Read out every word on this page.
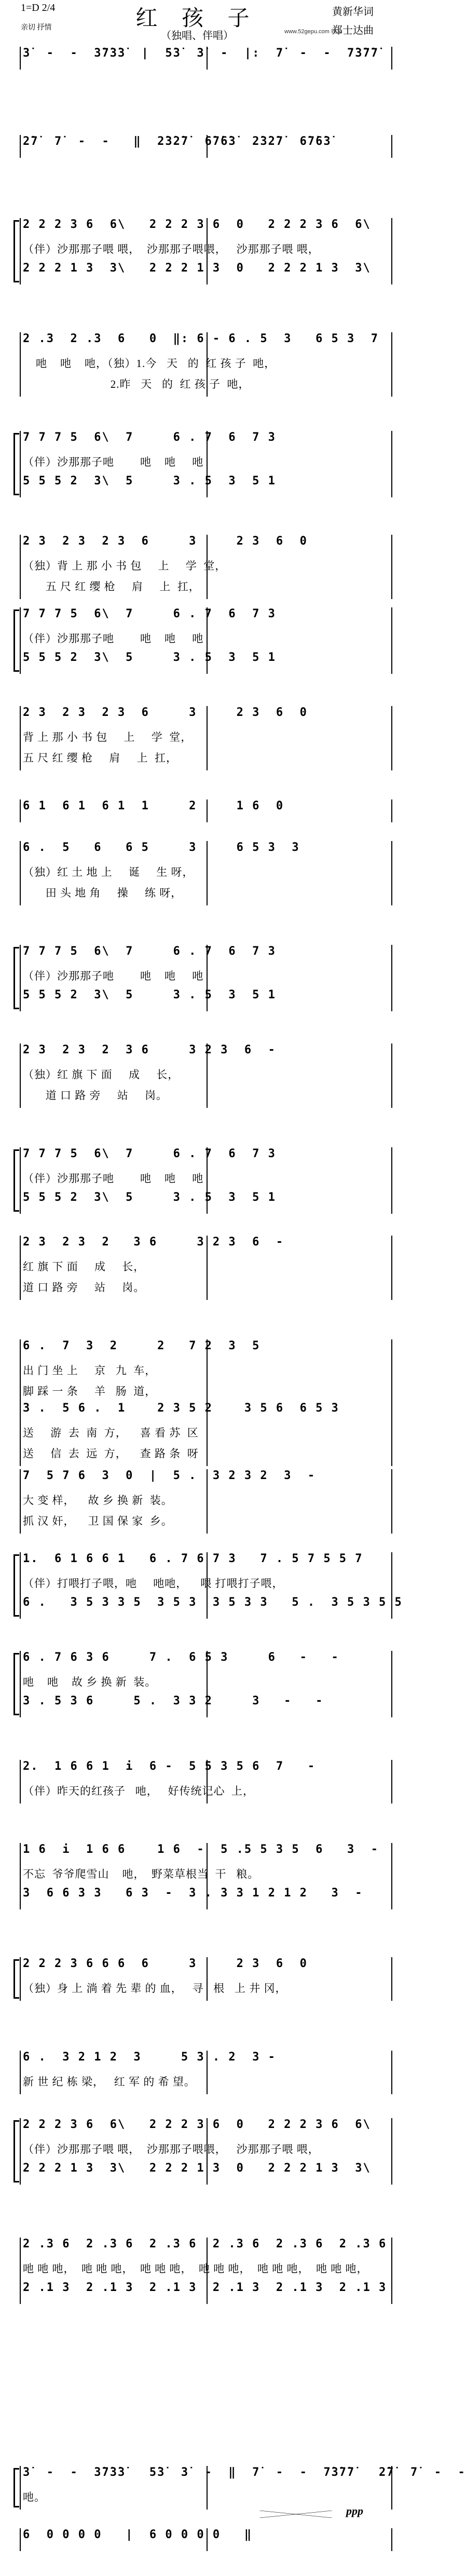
红 孩 子
1=D 2/4
亲切 抒情
（独唱、伴唱）
黄新华词
郑士达曲
www.52gepu.com 收录
3̇  -  -  3̇7̇3̇3̇  |  5̇3̇  3̇  -  |:  7̇  -  -  7̇3̇7̇7̇
2̇7̇  7̇  -  -   ‖  2̇3̇2̇7̇  6̇7̇6̇3̇  2̇3̇2̇7̇  6̇7̇6̇3̇
2 2 2 3 6  6\   2 2 2 3 6  0   2 2 2 3 6  6\
（伴）沙那那子喂 喂，  沙那那子喂喂，   沙那那子喂 喂，
2 2 2 1 3  3\   2 2 2 1 3  0   2 2 2 1 3  3\
2 .3  2 .3  6   0  ‖: 6 - 6 . 5  3   6 5 3  7
吔    吔    吔，（独）1.今   天   的  红 孩 子  吔，
2.昨   天   的  红 孩 子  吔，
7 7 7 5  6\  7     6 . 7  6  7 3
（伴）沙那那子吔        吔    吔     吔
5 5 5 2  3\  5     3 . 5  3  5 1
2 3  2 3  2 3  6     3     2 3  6  0
（独）背 上 那 小 书 包     上     学  堂，
五 尺 红 缨 枪     肩     上  扛，
7 7 7 5  6\  7     6 . 7  6  7 3
（伴）沙那那子吔        吔    吔     吔
5 5 5 2  3\  5     3 . 5  3  5 1
2 3  2 3  2 3  6     3     2 3  6  0
背 上 那 小 书 包     上     学  堂，
五 尺 红 缨 枪     肩     上  扛，
6 1  6 1  6 1  1     2     1 6  0
6 .  5   6   6 5     3     6 5 3  3
（独）红 土 地 上     诞     生 呀，
田 头 地 角     操     练 呀，
7 7 7 5  6\  7     6 . 7  6  7 3
（伴）沙那那子吔        吔    吔     吔
5 5 5 2  3\  5     3 . 5  3  5 1
2 3  2 3  2  3 6     3 2 3  6  -
（独）红 旗 下 面     成     长，
道 口 路 旁     站     岗。
7 7 7 5  6\  7     6 . 7  6  7 3
（伴）沙那那子吔        吔    吔     吔
5 5 5 2  3\  5     3 . 5  3  5 1
2 3  2 3  2   3 6     3 2 3  6  -
红 旗 下 面     成     长，
道 口 路 旁     站     岗。
6 .  7  3  2     2   7 2  3  5
出 门 坐 上     京   九  车，
脚 踩 一 条     羊   肠  道，
3 .  5 6 .  1    2 3 5 2    3 5 6  6 5 3
送     游  去  南  方，    喜 看 苏  区
送     信  去  远  方，    查 路 条  呀
7  5 7 6  3  0  |  5 .  3 2 3 2  3  -
大 变 样，    故 乡 换 新  装。
抓 汉 奸，    卫 国 保 家  乡。
1.  6 1 6 6 1   6 . 7 6 7 3   7 . 5 7 5 5 7
（伴）打喂打子喂，吔     吔吔，    喂 打喂打子喂，
6 .   3 5 3 3 5  3 5 3  3 5 3 3   5 .  3 5 3 5 5
6 . 7 6 3 6     7 .  6 5 3     6   -   -
吔    吔    故 乡 换 新  装。
3 . 5 3 6     5 .  3 3 2     3   -   -
2.  1 6 6 1  i  6 -  5 5 3 5 6  7   -
（伴）昨天的红孩子   吔，   好传统记心  上，
1 6  i  1 6 6    1 6  -  5 .5 5 3 5  6   3  -
不忘  爷爷爬雪山    吔，  野菜草根当  干   粮。
3  6 6 3 3   6 3  -  3 . 3 3 1 2 1 2   3  -
2 2 2 3 6 6 6  6     3     2 3  6  0
（独）身 上 淌 着 先 辈 的 血，   寻   根   上 井 冈，
6 .  3 2 1 2  3     5 3 . 2  3 -
新 世 纪 栋 梁，   红 军 的 希 望。
2 2 2 3 6  6\   2 2 2 3 6  0   2 2 2 3 6  6\
（伴）沙那那子喂 喂，  沙那那子喂喂，   沙那那子喂 喂，
2 2 2 1 3  3\   2 2 2 1 3  0   2 2 2 1 3  3\
2 .3 6  2 .3 6  2 .3 6  2 .3 6  2 .3 6  2 .3 6
吔 吔 吔，  吔 吔 吔，  吔 吔 吔，  吔 吔 吔，  吔 吔 吔，  吔 吔 吔，
2 .1 3  2 .1 3  2 .1 3  2 .1 3  2 .1 3  2 .1 3
3̇  -  -  3̇7̇3̇3̇   5̇3̇  3̇  -  ‖  7̇  -  -  7̇3̇7̇7̇   2̇7̇  7̇  -  -
吔。
6  0 0 0 0   |  6 0 0 0 0   ‖
ppp
